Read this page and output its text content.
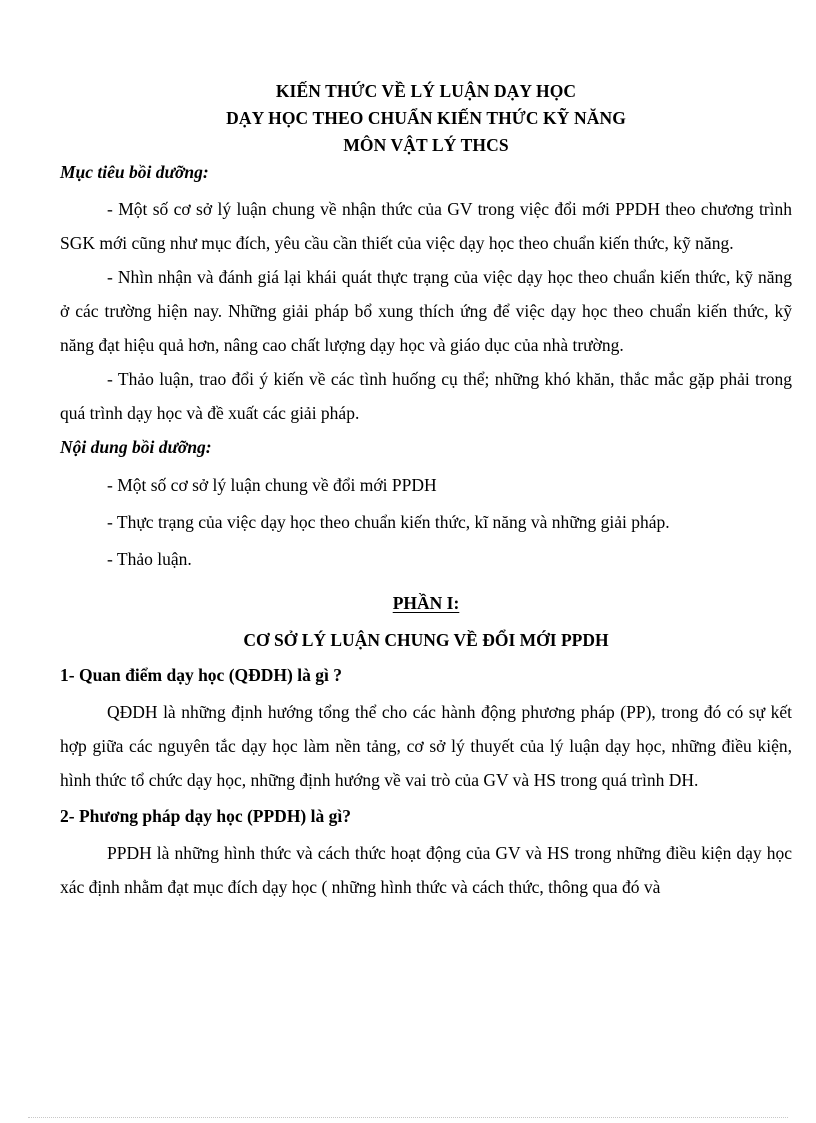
KIẾN THỨC VỀ LÝ LUẬN DẠY HỌC
DẠY HỌC THEO CHUẨN KIẾN THỨC KỸ NĂNG
MÔN VẬT LÝ THCS
Mục tiêu bồi dưỡng:

- Một số cơ sở lý luận chung về nhận thức của GV trong việc đổi mới PPDH theo chương trình SGK mới cũng như mục đích, yêu cầu cần thiết của việc dạy học theo chuẩn kiến thức, kỹ năng.

- Nhìn nhận và đánh giá lại khái quát thực trạng của việc dạy học theo chuẩn kiến thức, kỹ năng ở các trường hiện nay. Những giải pháp bổ xung thích ứng để việc dạy học theo chuẩn kiến thức, kỹ năng đạt hiệu quả hơn, nâng cao chất lượng dạy học và giáo dục của nhà trường.

- Thảo luận, trao đổi ý kiến về các tình huống cụ thể; những khó khăn, thắc mắc gặp phải trong quá trình dạy học và đề xuất các giải pháp.

Nội dung bồi dưỡng:

- Một số cơ sở lý luận chung về đổi mới PPDH

- Thực trạng của việc dạy học theo chuẩn kiến thức, kĩ năng và những giải pháp.

- Thảo luận.

PHẦN I:
CƠ SỞ LÝ LUẬN CHUNG VỀ ĐỔI MỚI PPDH
1- Quan điểm dạy học (QĐDH) là gì ?

QĐDH là những định hướng tổng thể cho các hành động phương pháp (PP), trong đó có sự kết hợp giữa các nguyên tắc dạy học làm nền tảng, cơ sở lý thuyết của lý luận dạy học, những điều kiện, hình thức tổ chức dạy học, những định hướng về vai trò của GV và HS trong quá trình DH.

2- Phương pháp dạy học (PPDH) là gì?

PPDH là những hình thức và cách thức hoạt động của GV và HS trong những điều kiện dạy học xác định nhằm đạt mục đích dạy học ( những hình thức và cách thức, thông qua đó và
